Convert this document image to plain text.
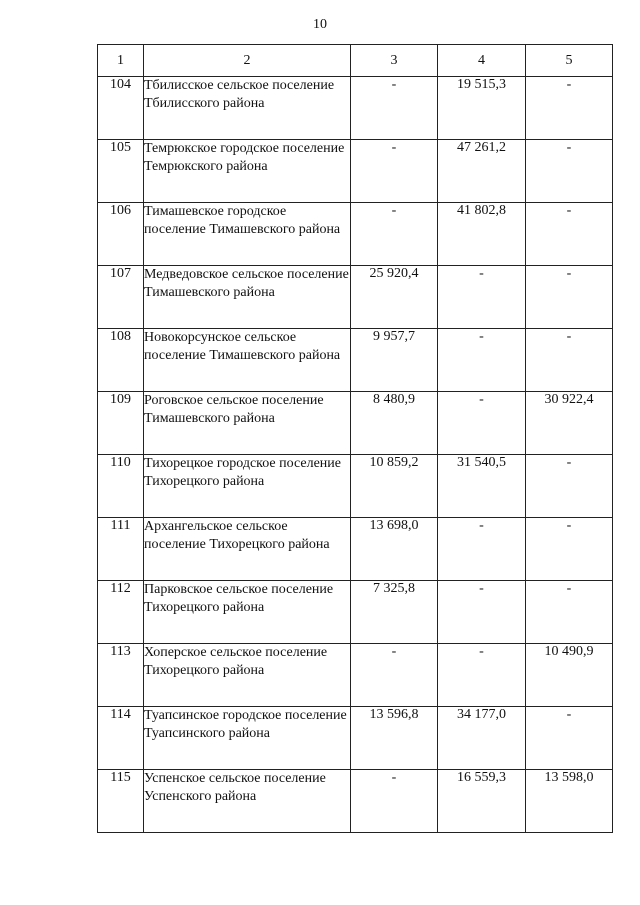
10
1	2	3	4	5
104	Тбилисское сельское поселение Тбилисского района	-	19 515,3	-
105	Темрюкское городское поселение Темрюкского района	-	47 261,2	-
106	Тимашевское городское поселение Тимашевского района	-	41 802,8	-
107	Медведовское сельское поселение Тимашевского района	25 920,4	-	-
108	Новокорсунское сельское поселение Тимашевского района	9 957,7	-	-
109	Роговское сельское поселение Тимашевского района	8 480,9	-	30 922,4
110	Тихорецкое городское поселение Тихорецкого района	10 859,2	31 540,5	-
111	Архангельское сельское поселение Тихорецкого района	13 698,0	-	-
112	Парковское сельское поселение Тихорецкого района	7 325,8	-	-
113	Хоперское сельское поселение Тихорецкого района	-	-	10 490,9
114	Туапсинское городское поселение Туапсинского района	13 596,8	34 177,0	-
115	Успенское сельское поселение Успенского района	-	16 559,3	13 598,0
